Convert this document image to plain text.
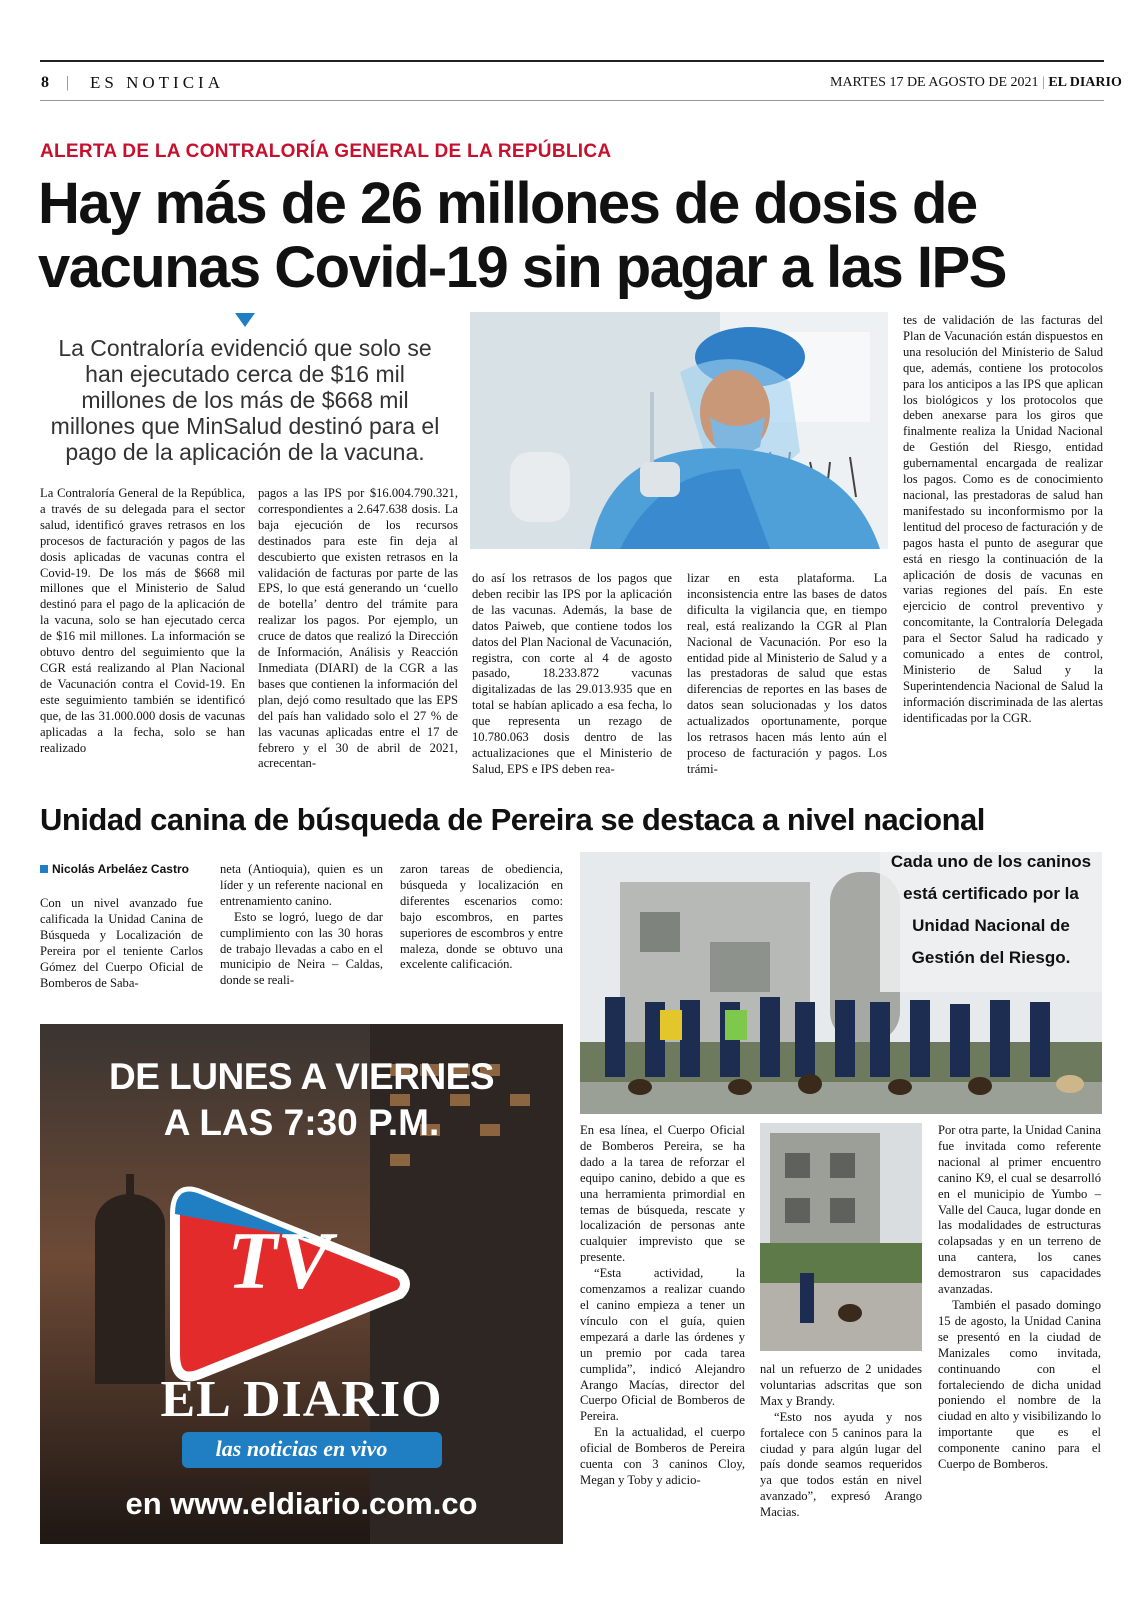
8 | ES NOTICIA	MARTES 17 DE AGOSTO DE 2021 | EL DIARIO
ALERTA DE LA CONTRALORÍA GENERAL DE LA REPÚBLICA
Hay más de 26 millones de dosis de
vacunas Covid-19 sin pagar a las IPS
La Contraloría evidenció que solo se han ejecutado cerca de $16 mil millones de los más de $668 mil millones que MinSalud destinó para el pago de la aplicación de la vacuna.

La Contraloría General de la República, a través de su delegada para el sector salud, identificó graves retrasos en los procesos de facturación y pagos de las dosis aplicadas de vacunas contra el Covid-19. De los más de $668 mil millones que el Ministerio de Salud destinó para el pago de la aplicación de la vacuna, solo se han ejecutado cerca de $16 mil millones. La información se obtuvo dentro del seguimiento que la CGR está realizando al Plan Nacional de Vacunación contra el Covid-19. En este seguimiento también se identificó que, de las 31.000.000 dosis de vacunas aplicadas a la fecha, solo se han realizado

pagos a las IPS por $16.004.790.321, correspondientes a 2.647.638 dosis. La baja ejecución de los recursos destinados para este fin deja al descubierto que existen retrasos en la validación de facturas por parte de las EPS, lo que está generando un ‘cuello de botella’ dentro del trámite para realizar los pagos. Por ejemplo, un cruce de datos que realizó la Dirección de Información, Análisis y Reacción Inmediata (DIARI) de la CGR a las bases que contienen la información del plan, dejó como resultado que las EPS del país han validado solo el 27 % de las vacunas aplicadas entre el 17 de febrero y el 30 de abril de 2021, acrecentan-

do así los retrasos de los pagos que deben recibir las IPS por la aplicación de las vacunas. Además, la base de datos Paiweb, que contiene todos los datos del Plan Nacional de Vacunación, registra, con corte al 4 de agosto pasado, 18.233.872 vacunas digitalizadas de las 29.013.935 que en total se habían aplicado a esa fecha, lo que representa un rezago de 10.780.063 dosis dentro de las actualizaciones que el Ministerio de Salud, EPS e IPS deben rea-

lizar en esta plataforma. La inconsistencia entre las bases de datos dificulta la vigilancia que, en tiempo real, está realizando la CGR al Plan Nacional de Vacunación. Por eso la entidad pide al Ministerio de Salud y a las prestadoras de salud que estas diferencias de reportes en las bases de datos sean solucionadas y los datos actualizados oportunamente, porque los retrasos hacen más lento aún el proceso de facturación y pagos. Los trámi-

tes de validación de las facturas del Plan de Vacunación están dispuestos en una resolución del Ministerio de Salud que, además, contiene los protocolos para los anticipos a las IPS que aplican los biológicos y los protocolos que deben anexarse para los giros que finalmente realiza la Unidad Nacional de Gestión del Riesgo, entidad gubernamental encargada de realizar los pagos. Como es de conocimiento nacional, las prestadoras de salud han manifestado su inconformismo por la lentitud del proceso de facturación y de pagos hasta el punto de asegurar que está en riesgo la continuación de la aplicación de dosis de vacunas en varias regiones del país. En este ejercicio de control preventivo y concomitante, la Contraloría Delegada para el Sector Salud ha radicado y comunicado a entes de control, Ministerio de Salud y la Superintendencia Nacional de Salud la información discriminada de las alertas identificadas por la CGR.

Unidad canina de búsqueda de Pereira se destaca a nivel nacional
Nicolás Arbeláez Castro

Con un nivel avanzado fue calificada la Unidad Canina de Búsqueda y Localización de Pereira por el teniente Carlos Gómez del Cuerpo Oficial de Bomberos de Saba-

neta (Antioquia), quien es un líder y un referente nacional en entrenamiento canino.

Esto se logró, luego de dar cumplimiento con las 30 horas de trabajo llevadas a cabo en el municipio de Neira – Caldas, donde se reali-

zaron tareas de obediencia, búsqueda y localización en diferentes escenarios como: bajo escombros, en partes superiores de escombros y entre maleza, donde se obtuvo una excelente calificación.

Cada uno de los caninos
está certificado por la
Unidad Nacional de
Gestión del Riesgo.

En esa línea, el Cuerpo Oficial de Bomberos Pereira, se ha dado a la tarea de reforzar el equipo canino, debido a que es una herramienta primordial en temas de búsqueda, rescate y localización de personas ante cualquier imprevisto que se presente.

“Esta actividad, la comenzamos a realizar cuando el canino empieza a tener un vínculo con el guía, quien empezará a darle las órdenes y un premio por cada tarea cumplida”, indicó Alejandro Arango Macías, director del Cuerpo Oficial de Bomberos de Pereira.

En la actualidad, el cuerpo oficial de Bomberos de Pereira cuenta con 3 caninos Cloy, Megan y Toby y adicio-

nal un refuerzo de 2 unidades voluntarias adscritas que son Max y Brandy.

“Esto nos ayuda y nos fortalece con 5 caninos para la ciudad y para algún lugar del país donde seamos requeridos ya que todos están en nivel avanzado”, expresó Arango Macias.

Por otra parte, la Unidad Canina fue invitada como referente nacional al primer encuentro canino K9, el cual se desarrolló en el municipio de Yumbo – Valle del Cauca, lugar donde en las modalidades de estructuras colapsadas y en un terreno de una cantera, los canes demostraron sus capacidades avanzadas.

También el pasado domingo 15 de agosto, la Unidad Canina se presentó en la ciudad de Manizales como invitada, continuando con el fortaleciendo de dicha unidad poniendo el nombre de la ciudad en alto y visibilizando lo importante que es el componente canino para el Cuerpo de Bomberos.

DE LUNES A VIERNES
A LAS 7:30 P.M.
TV
EL DIARIO
las noticias en vivo
en www.eldiario.com.co
